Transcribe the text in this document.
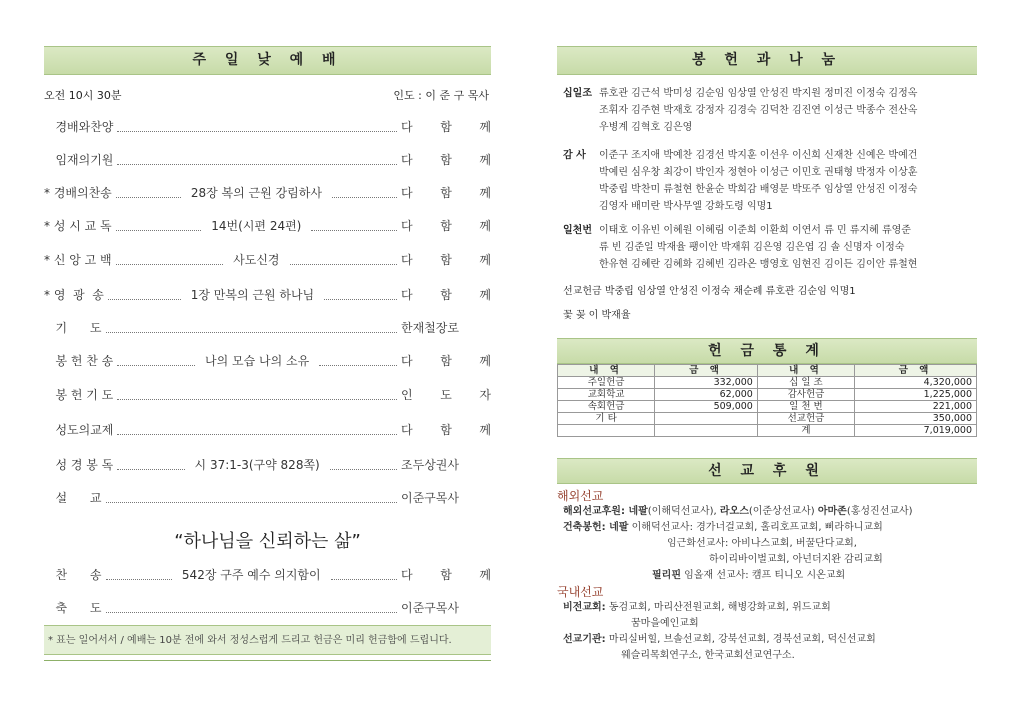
주 일 낮 예 배
오전 10시 30분	인도 : 이 준 구 목사
경배와찬양	다 함 께
임재의기원	다 함 께
* 경배의찬송	28장 복의 근원 강림하사	다 함 께
* 성 시 교 독	14번(시편 24편)	다 함 께
* 신 앙 고 백	사도신경	다 함 께
* 영  광  송	1장 만복의 근원 하나님	다 함 께
기      도	한재철장로
봉 헌 찬 송	나의 모습 나의 소유	다 함 께
봉 헌 기 도	인 도 자
성도의교제	다 함 께
성 경 봉 독	시 37:1-3(구약 828쪽)	조두상권사
설      교	이준구목사
찬      송	542장 구주 예수 의지함이	다 함 께
축      도	이준구목사
“하나님을 신뢰하는 삶”
* 표는 일어서서 / 예배는 10분 전에 와서 정성스럽게 드리고 헌금은 미리 헌금함에 드립니다.
봉 헌 과 나 눔
십일조 류호관 김근석 박미성 김순임 임상열 안성진 박지원 정미진 이정숙 김정옥
조휘자 김주현 박재호 강정자 김경숙 김덕찬 김진연 이성근 박종수 전산옥
우병계 김혁호 김은영
감 사 이준구 조지애 박예찬 김경선 박지훈 이선우 이신희 신재찬 신예은 박예건
박예린 심우창 최강이 박인자 정현아 이성근 이민호 권태형 박정자 이상훈
박중립 박찬미 류철현 한윤순 박희감 배영문 박또주 임상열 안성진 이정숙
김영자 배미란 박사무엘 강화도령 익명1
일천번 이태호 이유빈 이혜원 이혜림 이준희 이환희 이연서 류 민 류지혜 류영준
류 빈 김준일 박재율 팽이안 박재휘 김은영 김은엽 김 솔 신명자 이정숙
한유현 김혜란 김혜화 김혜빈 김라온 맹영호 임현진 김이든 김이안 류철현
선교헌금 박중립 임상열 안성진 이정숙 채순례 류호관 김순임 익명1
꽃 꽂 이 박재율
헌 금 통 계
내 역	금 액	내 역	금 액
주일헌금	332,000	십 일 조	4,320,000
교회학교	62,000	감사헌금	1,225,000
속회헌금	509,000	일 천 번	221,000
기 타		선교헌금	350,000
		계	7,019,000
선 교 후 원
해외선교
해외선교후원: 네팔(이해덕선교사), 라오스(이준상선교사) 아마존(홍성진선교사)
건축봉헌: 네팔 이해덕선교사: 경가너걸교회, 홀리호프교회, 삐라하니교회
임근화선교사: 아비나스교회, 버꿀단다교회,
하이리바이벌교회, 아넌더지완 감리교회
필리핀 임올재 선교사: 캠프 티니오 시온교회
국내선교
비전교회: 동검교회, 마리산전원교회, 해병강화교회, 위드교회
꿈마을예인교회
선교기관: 마리실버힐, 브솔선교회, 강북선교회, 경북선교회, 덕신선교회
웨슬리목회연구소, 한국교회선교연구소.
